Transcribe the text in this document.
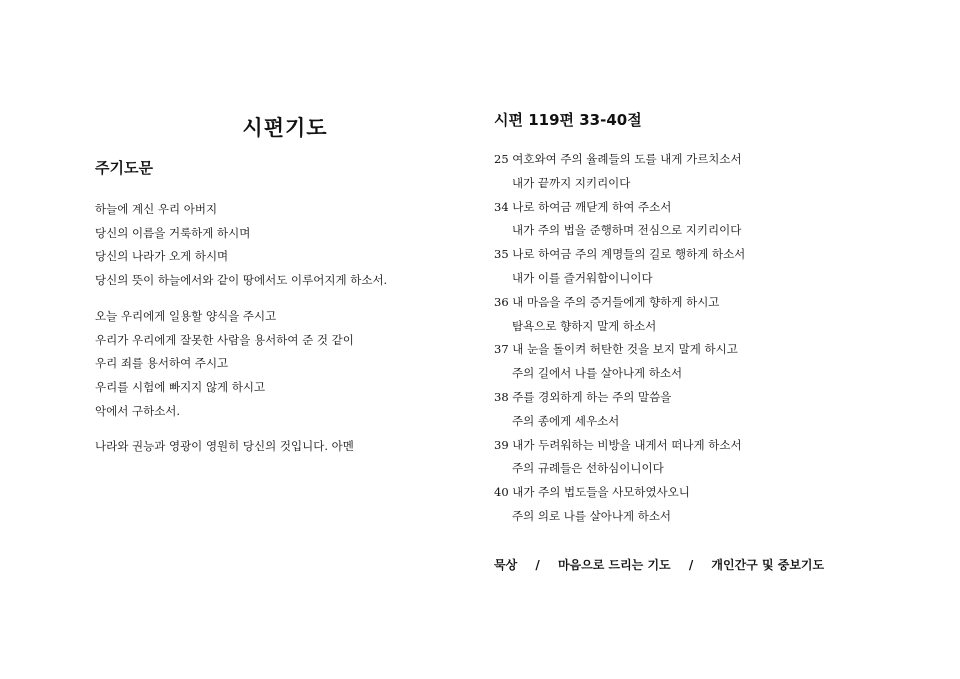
시편기도
주기도문
하늘에 계신 우리 아버지
당신의 이름을 거룩하게 하시며
당신의 나라가 오게 하시며
당신의 뜻이 하늘에서와 같이 땅에서도 이루어지게 하소서.
오늘 우리에게 일용할 양식을 주시고
우리가 우리에게 잘못한 사람을 용서하여 준 것 같이
우리 죄를 용서하여 주시고
우리를 시험에 빠지지 않게 하시고
악에서 구하소서.
나라와 권능과 영광이 영원히 당신의 것입니다. 아멘
시편 119편 33-40절
25 여호와여 주의 율례들의 도를 내게 가르치소서
내가 끝까지 지키리이다
34 나로 하여금 깨닫게 하여 주소서
내가 주의 법을 준행하며 전심으로 지키리이다
35 나로 하여금 주의 계명들의 길로 행하게 하소서
내가 이를 즐거워함이니이다
36 내 마음을 주의 증거들에게 향하게 하시고
탐욕으로 향하지 말게 하소서
37 내 눈을 돌이켜 허탄한 것을 보지 말게 하시고
주의 길에서 나를 살아나게 하소서
38 주를 경외하게 하는 주의 말씀을
주의 종에게 세우소서
39 내가 두려워하는 비방을 내게서 떠나게 하소서
주의 규례들은 선하심이니이다
40 내가 주의 법도들을 사모하였사오니
주의 의로 나를 살아나게 하소서
묵상 / 마음으로 드리는 기도 / 개인간구 및 중보기도
